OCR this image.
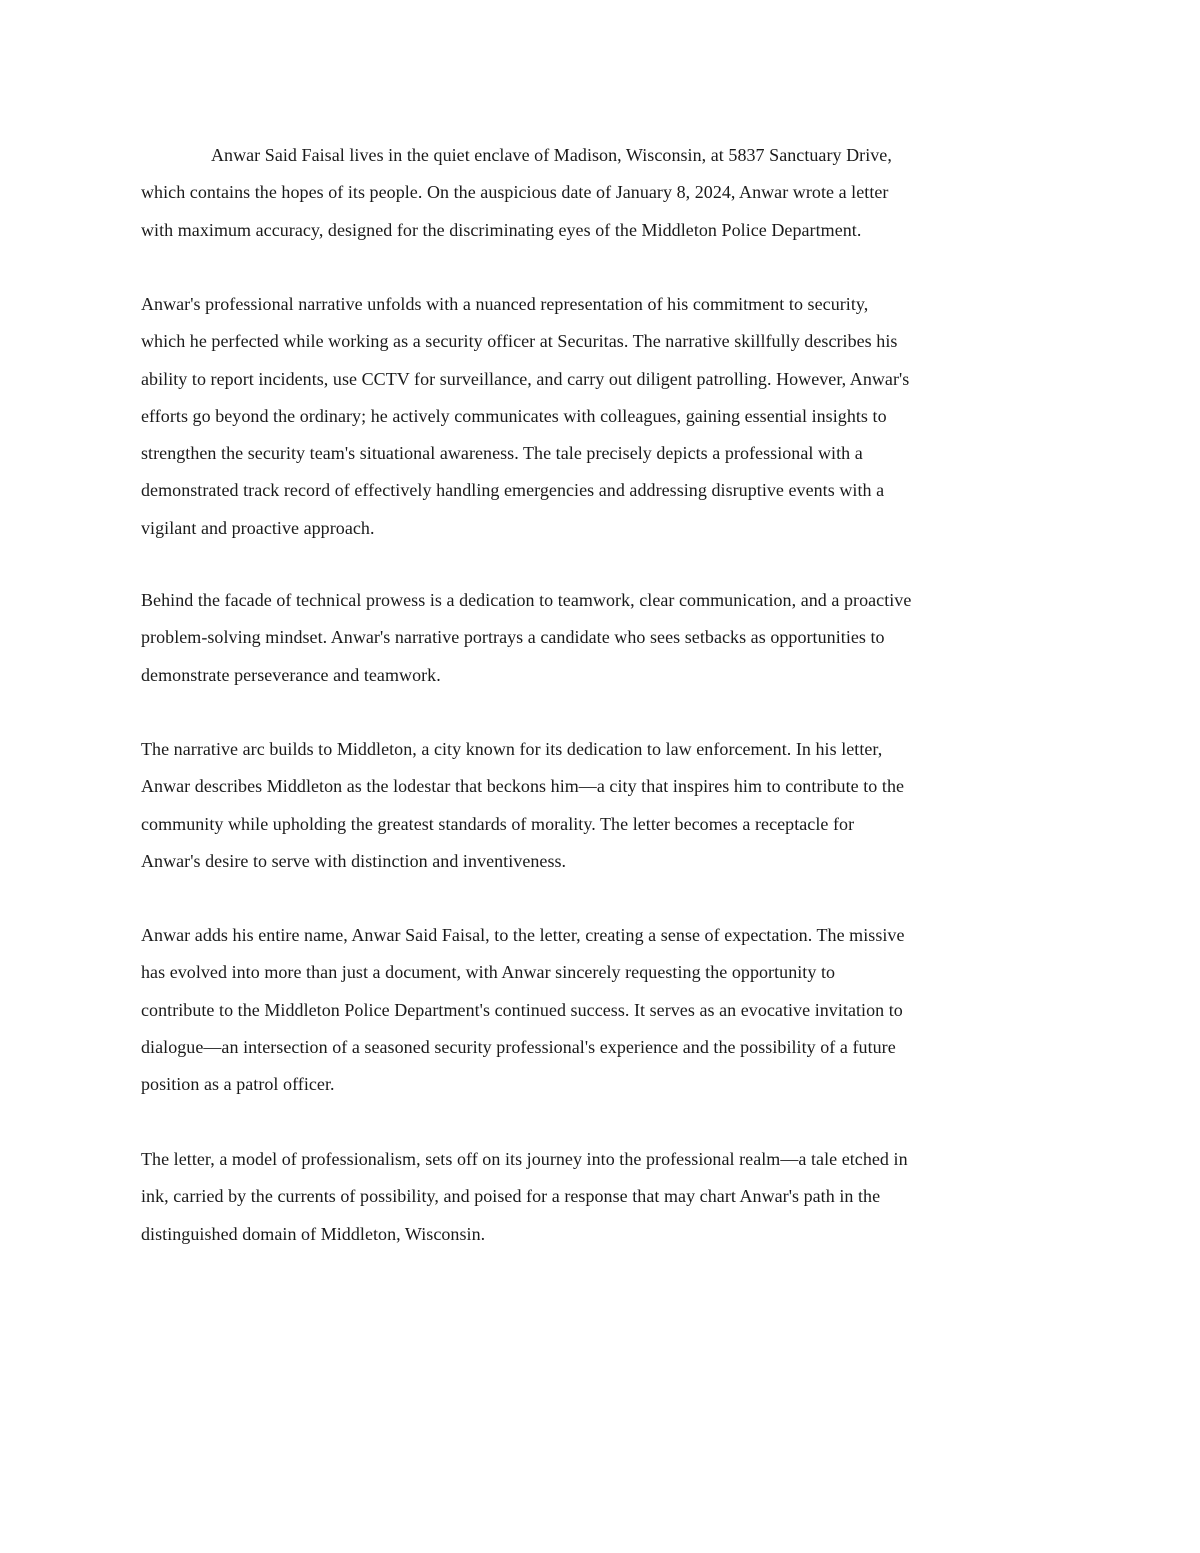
Anwar Said Faisal lives in the quiet enclave of Madison, Wisconsin, at 5837 Sanctuary Drive,
which contains the hopes of its people. On the auspicious date of January 8, 2024, Anwar wrote a letter
with maximum accuracy, designed for the discriminating eyes of the Middleton Police Department.
Anwar's professional narrative unfolds with a nuanced representation of his commitment to security,
which he perfected while working as a security officer at Securitas. The narrative skillfully describes his
ability to report incidents, use CCTV for surveillance, and carry out diligent patrolling. However, Anwar's
efforts go beyond the ordinary; he actively communicates with colleagues, gaining essential insights to
strengthen the security team's situational awareness. The tale precisely depicts a professional with a
demonstrated track record of effectively handling emergencies and addressing disruptive events with a
vigilant and proactive approach.
Behind the facade of technical prowess is a dedication to teamwork, clear communication, and a proactive
problem-solving mindset. Anwar's narrative portrays a candidate who sees setbacks as opportunities to
demonstrate perseverance and teamwork.
The narrative arc builds to Middleton, a city known for its dedication to law enforcement. In his letter,
Anwar describes Middleton as the lodestar that beckons him—a city that inspires him to contribute to the
community while upholding the greatest standards of morality. The letter becomes a receptacle for
Anwar's desire to serve with distinction and inventiveness.
Anwar adds his entire name, Anwar Said Faisal, to the letter, creating a sense of expectation. The missive
has evolved into more than just a document, with Anwar sincerely requesting the opportunity to
contribute to the Middleton Police Department's continued success. It serves as an evocative invitation to
dialogue—an intersection of a seasoned security professional's experience and the possibility of a future
position as a patrol officer.
The letter, a model of professionalism, sets off on its journey into the professional realm—a tale etched in
ink, carried by the currents of possibility, and poised for a response that may chart Anwar's path in the
distinguished domain of Middleton, Wisconsin.
